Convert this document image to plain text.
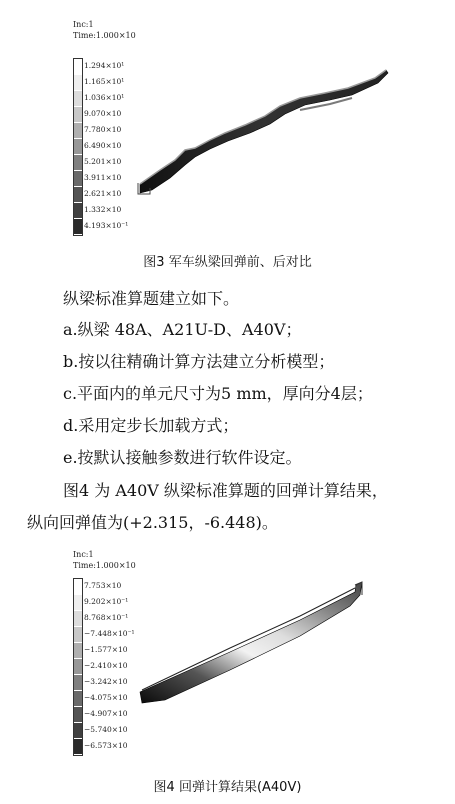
Inc:1
Time:1.000×10
1.294×10¹
1.165×10¹
1.036×10¹
9.070×10
7.780×10
6.490×10
5.201×10
3.911×10
2.621×10
1.332×10
4.193×10⁻¹
图3 军车纵梁回弹前、后对比
纵梁标准算题建立如下。
a.纵梁 48A、A21U-D、A40V；
b.按以往精确计算方法建立分析模型；
c.平面内的单元尺寸为5 mm，厚向分4层；
d.采用定步长加载方式；
e.按默认接触参数进行软件设定。
图4 为 A40V 纵梁标准算题的回弹计算结果，
纵向回弹值为(+2.315，-6.448)。
Inc:1
Time:1.000×10
7.753×10
9.202×10⁻¹
8.768×10⁻¹
−7.448×10⁻¹
−1.577×10
−2.410×10
−3.242×10
−4.075×10
−4.907×10
−5.740×10
−6.573×10
图4 回弹计算结果(A40V)
